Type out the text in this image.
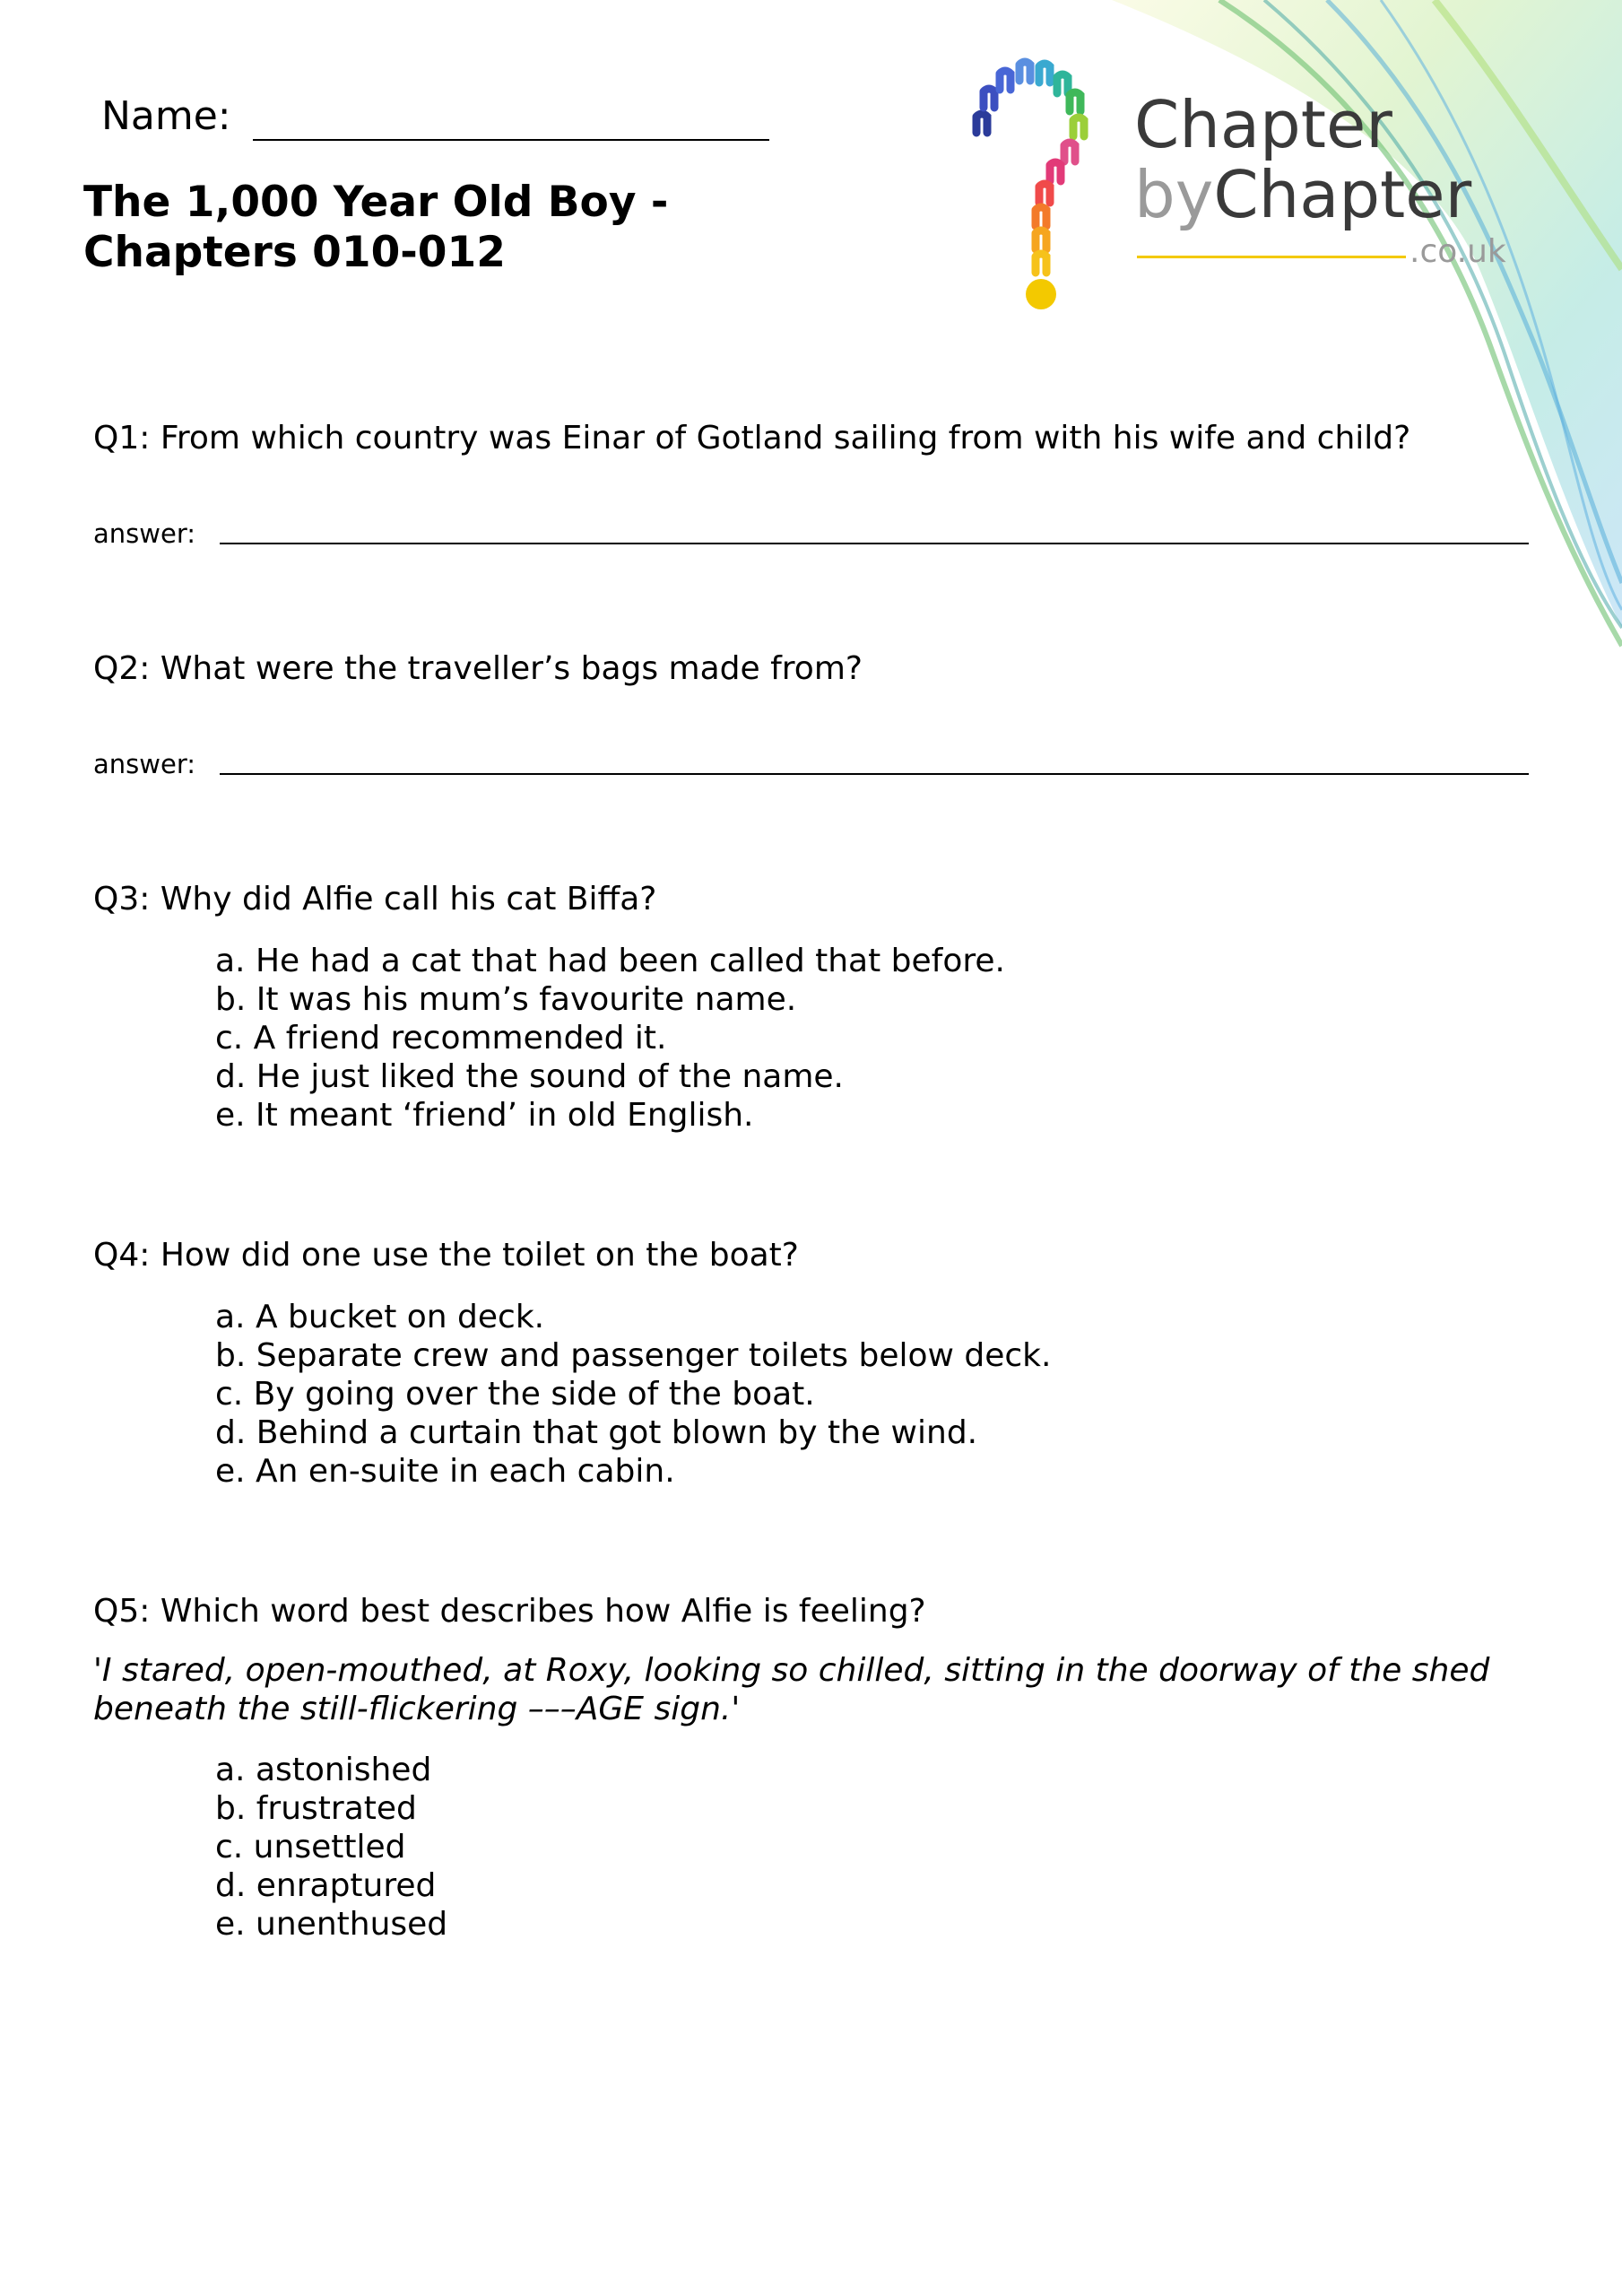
Name:
The 1,000 Year Old Boy -
Chapters 010-012
Chapter
byChapter
.co.uk
Q1: From which country was Einar of Gotland sailing from with his wife and child?
answer:
Q2: What were the traveller’s bags made from?
answer:
Q3: Why did Alfie call his cat Biffa?
a. He had a cat that had been called that before.
b. It was his mum’s favourite name.
c. A friend recommended it.
d. He just liked the sound of the name.
e. It meant ‘friend’ in old English.
Q4: How did one use the toilet on the boat?
a. A bucket on deck.
b. Separate crew and passenger toilets below deck.
c. By going over the side of the boat.
d. Behind a curtain that got blown by the wind.
e. An en-suite in each cabin.
Q5: Which word best describes how Alfie is feeling?
'I stared, open-mouthed, at Roxy, looking so chilled, sitting in the doorway of the shed beneath the still-flickering –––AGE sign.'
a. astonished
b. frustrated
c. unsettled
d. enraptured
e. unenthused
